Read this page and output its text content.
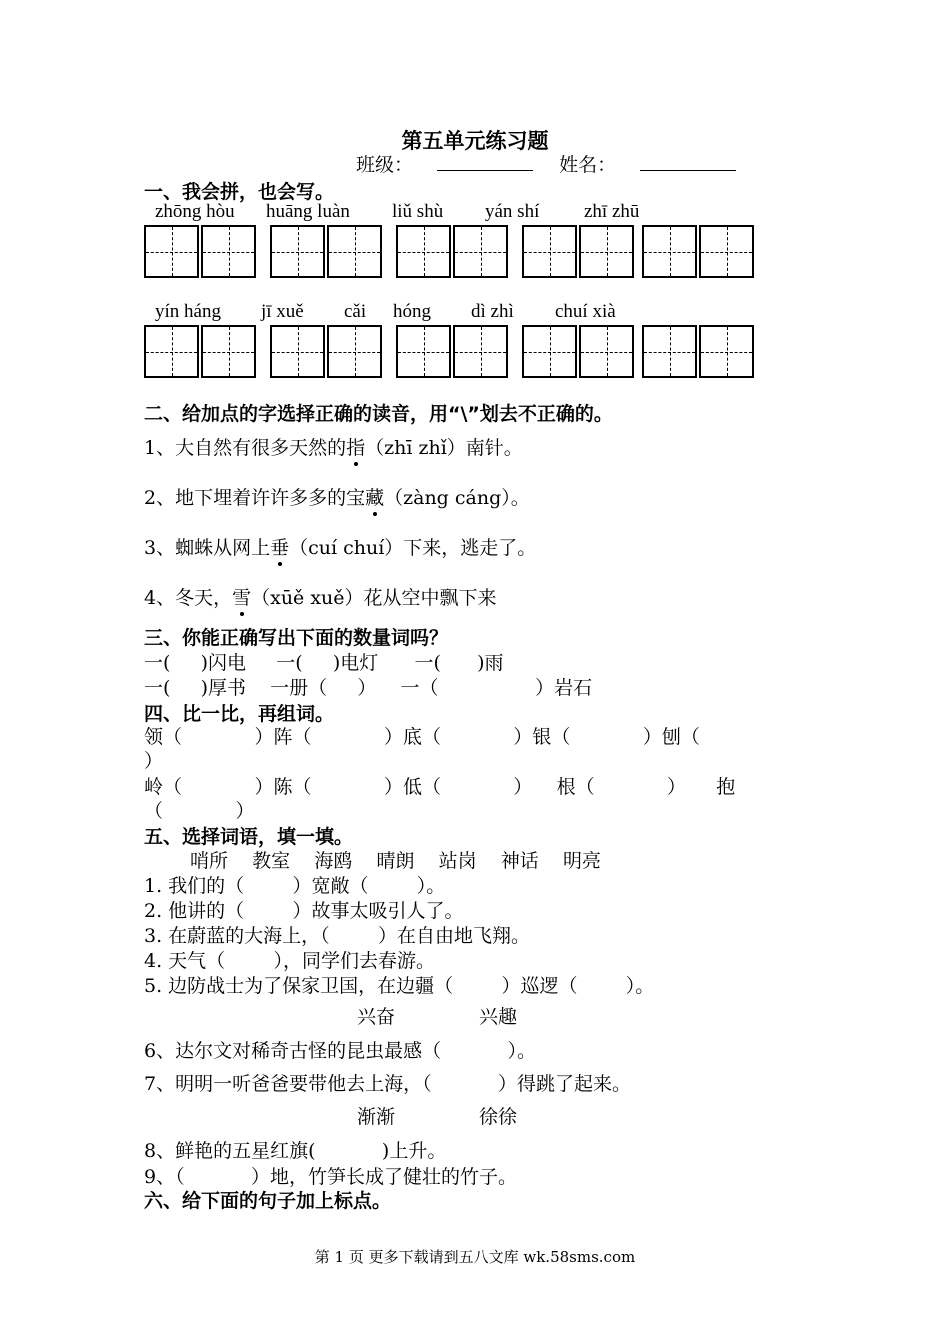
第五单元练习题
班级：	姓名：
一、我会拼，也会写。
zhōng hòu huāng luàn liǔ shù yán shí zhī zhū
yín háng jī xuě cǎi hóng dì zhì chuí xià
二、给加点的字选择正确的读音，用“\”划去不正确的。
1、大自然有很多天然的指（zhī zhǐ）南针。
2、地下埋着许许多多的宝藏（zàng cáng）。
3、蜘蛛从网上垂（cuí chuí）下来，逃走了。
4、冬天，雪（xūě xuě）花从空中飘下来
三、你能正确写出下面的数量词吗？
一(     )闪电     一(     )电灯      一(      )雨
一(     )厚书    一册（     ）    一（                ）岩石
四、比一比，再组词。
领（            ）阵（            ）底（            ）银（            ）刨（
）
岭（            ）陈（            ）低（            ）    根（            ）     抱
（            ）
五、选择词语，填一填。
哨所    教室    海鸥    晴朗    站岗    神话    明亮
1. 我们的（        ）宽敞（        ）。
2. 他讲的（        ）故事太吸引人了。
3. 在蔚蓝的大海上，（        ）在自由地飞翔。
4. 天气（        ），同学们去春游。
5. 边防战士为了保家卫国，在边疆（        ）巡逻（        ）。
兴奋	兴趣
6、达尔文对稀奇古怪的昆虫最感（           ）。
7、明明一听爸爸要带他去上海，（           ）得跳了起来。
渐渐	徐徐
8、鲜艳的五星红旗(           )上升。
9、（           ）地，竹笋长成了健壮的竹子。
六、给下面的句子加上标点。
第 1 页 更多下载请到五八文库 wk.58sms.com
